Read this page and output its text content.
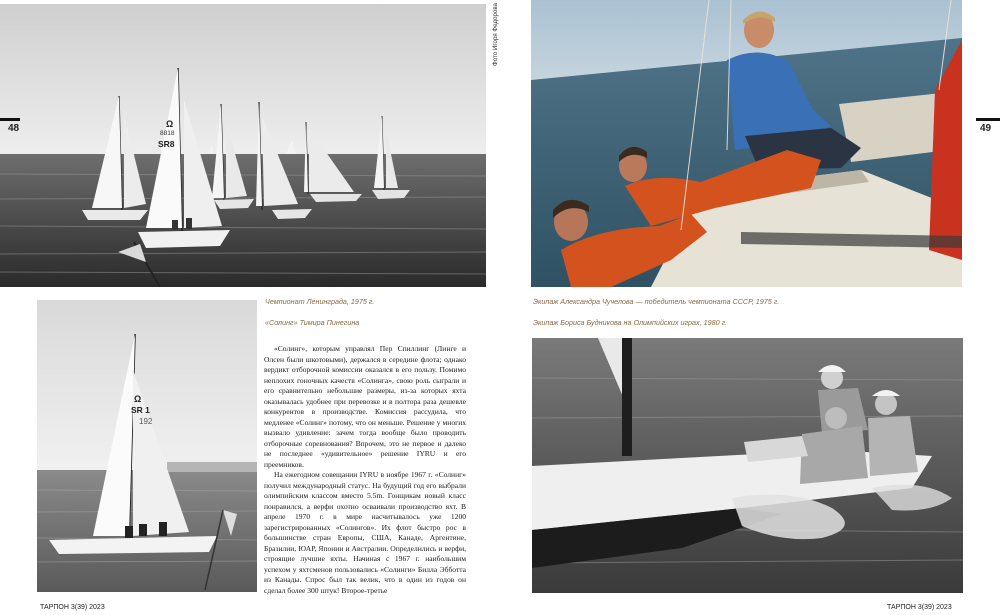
Ω
8818
SR8
48
Фото Игоря Федорова
Ω
SR 1
192
Чемпионат Ленинграда, 1975 г.
«Солинг» Тимира Пинегина

«Солинг», которым управлял Пер Спиллинг (Линге и Олсен были шкотовыми), держался в середине флота; однако вердикт отборочной комиссии оказался в его пользу. Помимо неплохих гоночных качеств «Солинга», свою роль сыграли и его сравнительно небольшие размеры, из-за которых яхта оказывалась удобнее при перевозке и в полтора раза дешевле конкурентов в производстве. Комиссия рассудила, что медленее «Солинг» потому, что он меньше. Решение у многих вызвало удивление: зачем тогда вообще было проводить отборочные соревнования? Впрочем, это не первое и далеко не последнее «удивительное» решение IYRU и его преемников.

На ежегодном совещании IYRU в ноябре 1967 г. «Солинг» получил международный статус. На будущий год его выбрали олимпийским классом вместо 5.5m. Гонщикам новый класс понравился, а верфи охотно осваивали производство яхт. В апреле 1970 г. в мире насчитывалось уже 1200 зарегистрированных «Солингов». Их флот быстро рос в большинстве стран Европы, США, Канаде, Аргентине, Бразилии, ЮАР, Японии и Австралии. Определились и верфи, строящие лучшие яхты. Начиная с 1967 г. наибольшим успехом у яхтсменов пользовались «Солинги» Билла Эбботта из Канады. Спрос был так велик, что в один из годов он сделал более 300 штук! Второе-третье

ТАРПОН 3(39) 2023
49
Экипаж Александра Чучелова — победитель чемпионата СССР, 1975 г.
Экипаж Бориса Будникова на Олимпийских играх, 1980 г.
ТАРПОН 3(39) 2023
